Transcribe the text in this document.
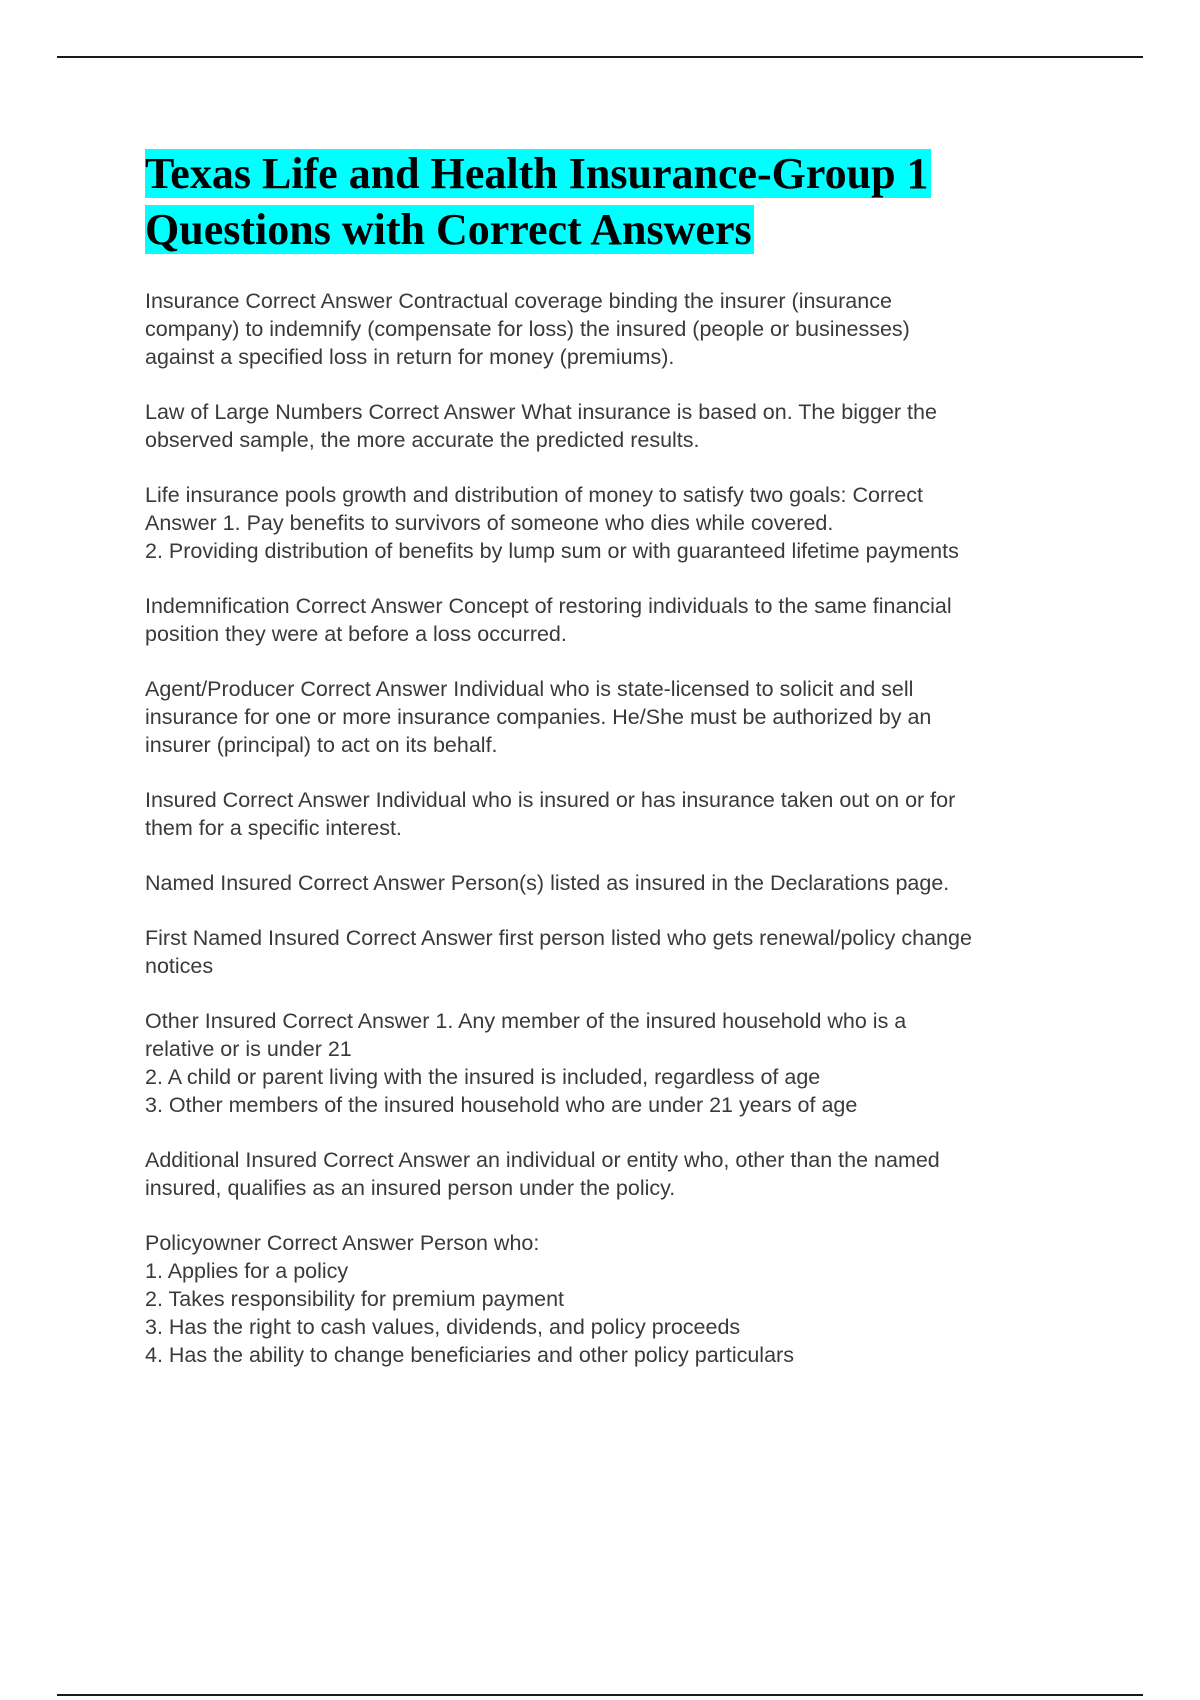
Texas Life and Health Insurance-Group 1
Questions with Correct Answers

Insurance Correct Answer Contractual coverage binding the insurer (insurance
company) to indemnify (compensate for loss) the insured (people or businesses)
against a specified loss in return for money (premiums).

Law of Large Numbers Correct Answer What insurance is based on. The bigger the
observed sample, the more accurate the predicted results.

Life insurance pools growth and distribution of money to satisfy two goals: Correct
Answer 1. Pay benefits to survivors of someone who dies while covered.
2. Providing distribution of benefits by lump sum or with guaranteed lifetime payments

Indemnification Correct Answer Concept of restoring individuals to the same financial
position they were at before a loss occurred.

Agent/Producer Correct Answer Individual who is state-licensed to solicit and sell
insurance for one or more insurance companies. He/She must be authorized by an
insurer (principal) to act on its behalf.

Insured Correct Answer Individual who is insured or has insurance taken out on or for
them for a specific interest.

Named Insured Correct Answer Person(s) listed as insured in the Declarations page.

First Named Insured Correct Answer first person listed who gets renewal/policy change
notices

Other Insured Correct Answer 1. Any member of the insured household who is a
relative or is under 21
2. A child or parent living with the insured is included, regardless of age
3. Other members of the insured household who are under 21 years of age

Additional Insured Correct Answer an individual or entity who, other than the named
insured, qualifies as an insured person under the policy.

Policyowner Correct Answer Person who:
1. Applies for a policy
2. Takes responsibility for premium payment
3. Has the right to cash values, dividends, and policy proceeds
4. Has the ability to change beneficiaries and other policy particulars
